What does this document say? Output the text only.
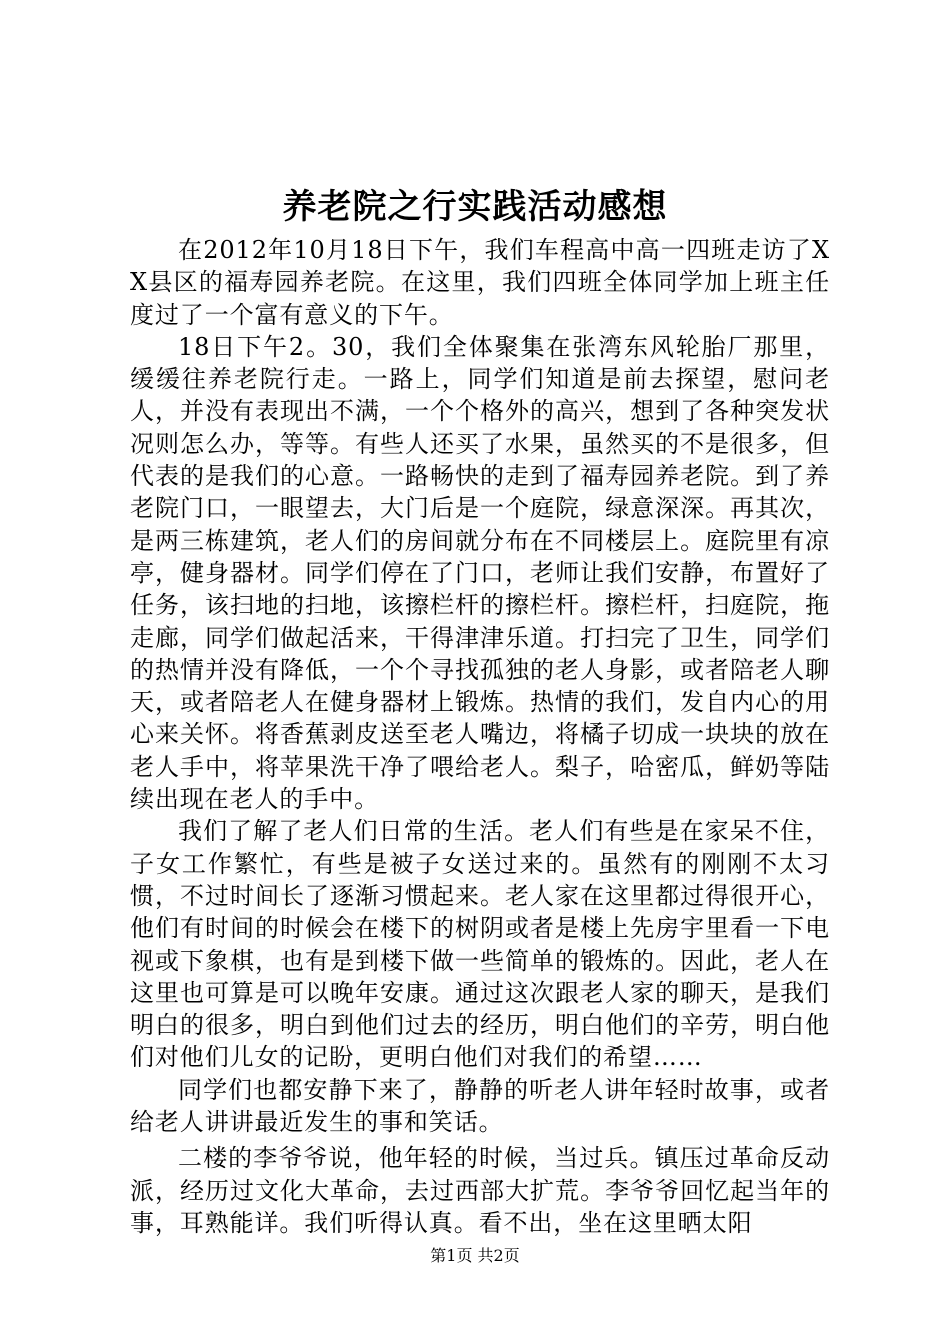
养老院之行实践活动感想

在2012年10月18日下午，我们车程高中高一四班走访了XX县区的福寿园养老院。在这里，我们四班全体同学加上班主任度过了一个富有意义的下午。

18日下午2。30，我们全体聚集在张湾东风轮胎厂那里，缓缓往养老院行走。一路上，同学们知道是前去探望，慰问老人，并没有表现出不满，一个个格外的高兴，想到了各种突发状况则怎么办，等等。有些人还买了水果，虽然买的不是很多，但代表的是我们的心意。一路畅快的走到了福寿园养老院。到了养老院门口，一眼望去，大门后是一个庭院，绿意深深。再其次，是两三栋建筑，老人们的房间就分布在不同楼层上。庭院里有凉亭，健身器材。同学们停在了门口，老师让我们安静，布置好了任务，该扫地的扫地，该擦栏杆的擦栏杆。擦栏杆，扫庭院，拖走廊，同学们做起活来，干得津津乐道。打扫完了卫生，同学们的热情并没有降低，一个个寻找孤独的老人身影，或者陪老人聊天，或者陪老人在健身器材上锻炼。热情的我们，发自内心的用心来关怀。将香蕉剥皮送至老人嘴边，将橘子切成一块块的放在老人手中，将苹果洗干净了喂给老人。梨子，哈密瓜，鲜奶等陆续出现在老人的手中。

我们了解了老人们日常的生活。老人们有些是在家呆不住，子女工作繁忙，有些是被子女送过来的。虽然有的刚刚不太习惯，不过时间长了逐渐习惯起来。老人家在这里都过得很开心，他们有时间的时候会在楼下的树阴或者是楼上先房宇里看一下电视或下象棋，也有是到楼下做一些简单的锻炼的。因此，老人在这里也可算是可以晚年安康。通过这次跟老人家的聊天，是我们明白的很多，明白到他们过去的经历，明白他们的辛劳，明白他们对他们儿女的记盼，更明白他们对我们的希望……

同学们也都安静下来了，静静的听老人讲年轻时故事，或者给老人讲讲最近发生的事和笑话。

二楼的李爷爷说，他年轻的时候，当过兵。镇压过革命反动派，经历过文化大革命，去过西部大扩荒。李爷爷回忆起当年的事，耳熟能详。我们听得认真。看不出，坐在这里晒太阳

第1页 共2页
